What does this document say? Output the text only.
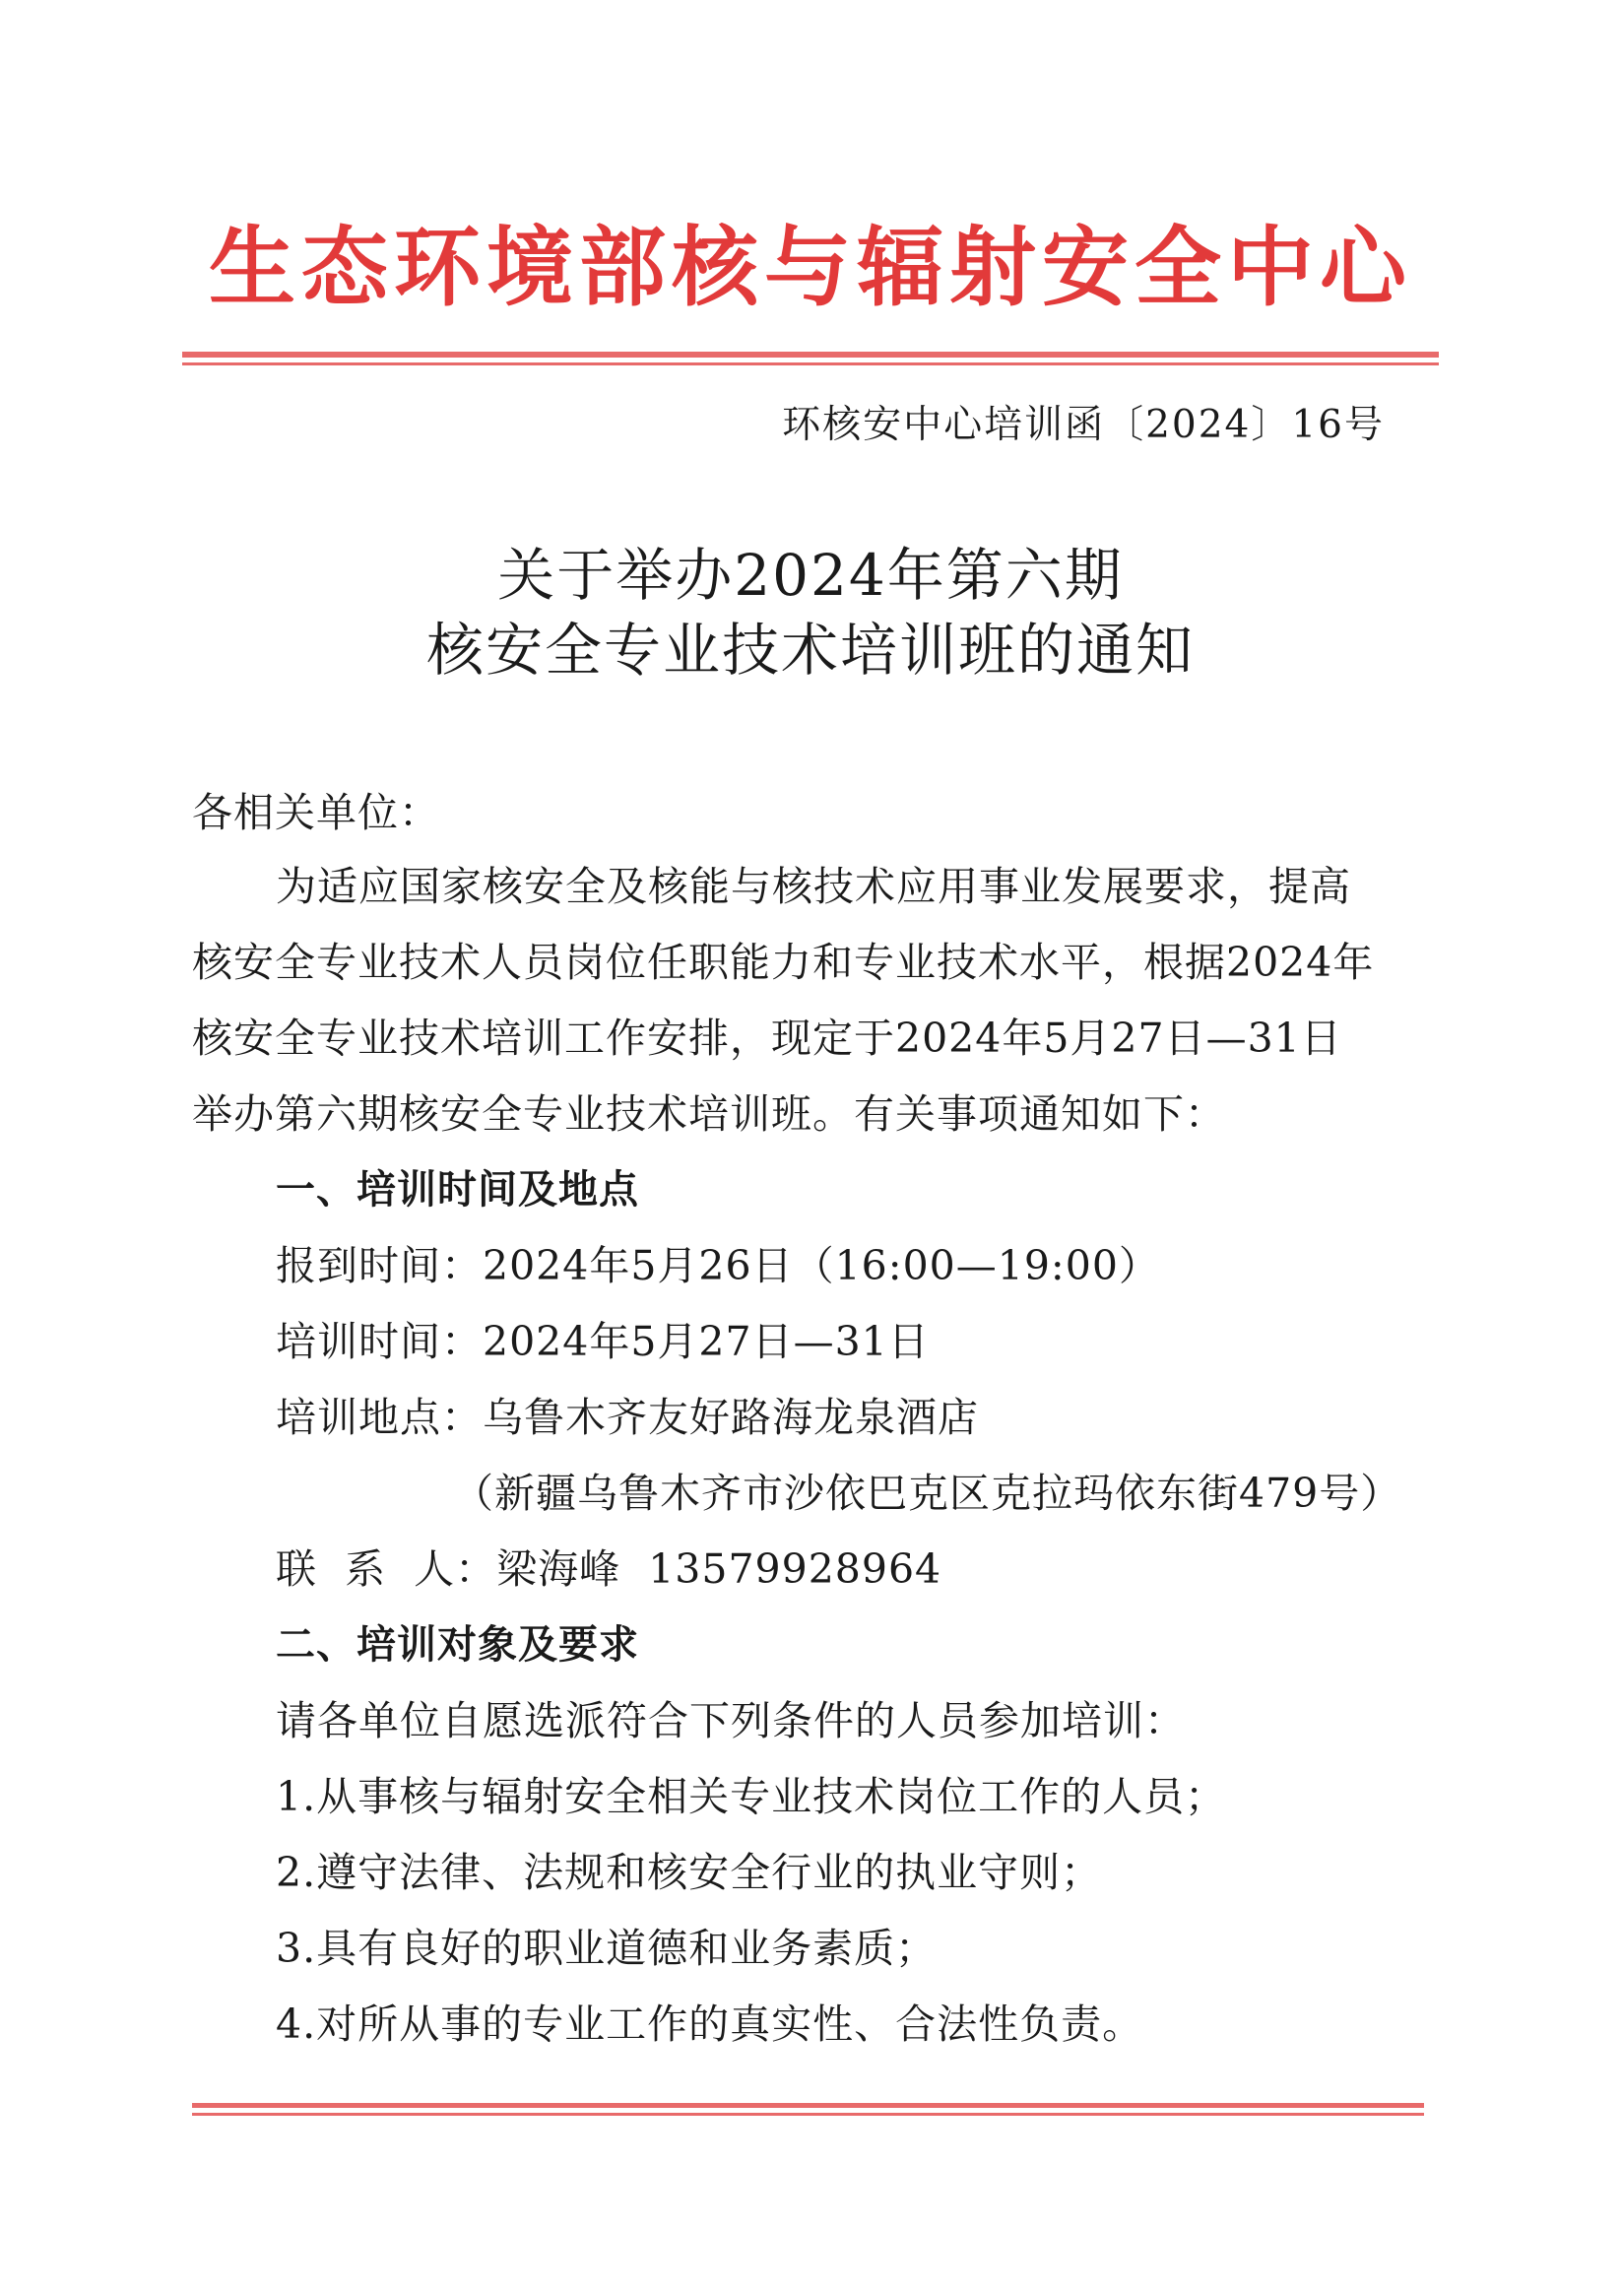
生态环境部核与辐射安全中心
环核安中心培训函〔2024〕16号
关于举办2024年第六期
核安全专业技术培训班的通知
各相关单位：
为适应国家核安全及核能与核技术应用事业发展要求，提高
核安全专业技术人员岗位任职能力和专业技术水平，根据2024年
核安全专业技术培训工作安排，现定于2024年5月27日—31日
举办第六期核安全专业技术培训班。有关事项通知如下：
一、培训时间及地点
报到时间：2024年5月26日（16:00—19:00）
培训时间：2024年5月27日—31日
培训地点：乌鲁木齐友好路海龙泉酒店
（新疆乌鲁木齐市沙依巴克区克拉玛依东街479号）
联  系  人：梁海峰  13579928964
二、培训对象及要求
请各单位自愿选派符合下列条件的人员参加培训：
1.从事核与辐射安全相关专业技术岗位工作的人员；
2.遵守法律、法规和核安全行业的执业守则；
3.具有良好的职业道德和业务素质；
4.对所从事的专业工作的真实性、合法性负责。
